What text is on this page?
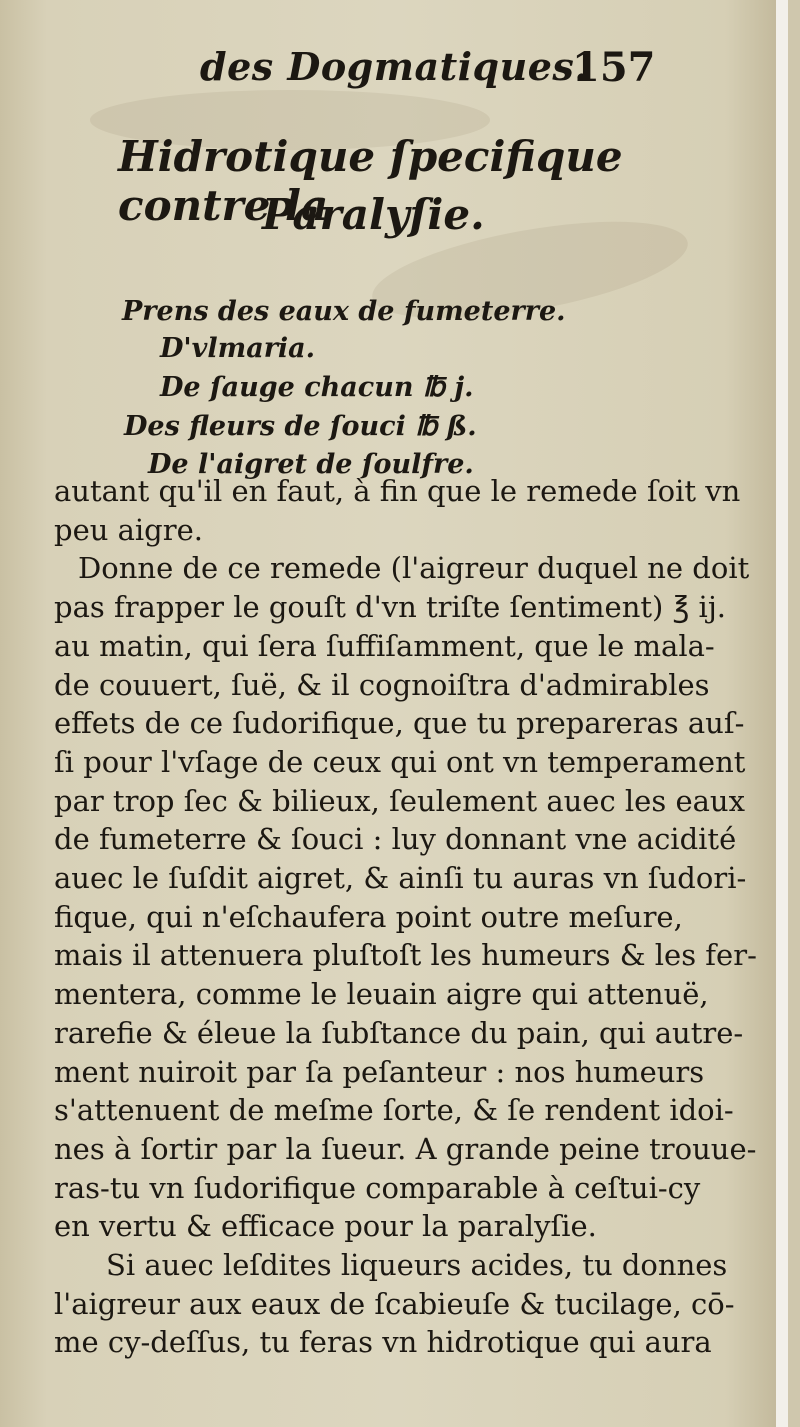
des Dogmatiques.
157
Hidrotique ſpecifique contre la
Paralyſie.
Prens des eaux de fumeterre.
D'vlmaria.
De ſauge chacun ℔ j.
Des fleurs de ſouci ℔ ß.
De l'aigret de ſoulfre.
autant qu'il en faut, à fin que le remede ſoit vn
peu aigre.
Donne de ce remede (l'aigreur duquel ne doit
pas frapper le gouſt d'vn triſte ſentiment) ℥ ij.
au matin, qui ſera ſuffiſamment, que le mala-
de couuert, ſuë, & il cognoiſtra d'admirables
effets de ce ſudorifique, que tu prepareras auſ-
ſi pour l'vſage de ceux qui ont vn temperament
par trop ſec & bilieux, ſeulement auec les eaux
de fumeterre & ſouci : luy donnant vne acidité
auec le ſuſdit aigret, & ainſi tu auras vn ſudori-
fique, qui n'eſchaufera point outre meſure,
mais il attenuera pluſtoſt les humeurs & les fer-
mentera, comme le leuain aigre qui attenuë,
rarefie & éleue la ſubſtance du pain, qui autre-
ment nuiroit par ſa peſanteur : nos humeurs
s'attenuent de meſme ſorte, & ſe rendent idoi-
nes à ſortir par la ſueur. A grande peine trouue-
ras-tu vn ſudorifique comparable à ceſtui-cy
en vertu & efficace pour la paralyſie.
Si auec leſdites liqueurs acides, tu donnes
l'aigreur aux eaux de ſcabieuſe & tucilage, cō-
me cy-deſſus, tu feras vn hidrotique qui aura
